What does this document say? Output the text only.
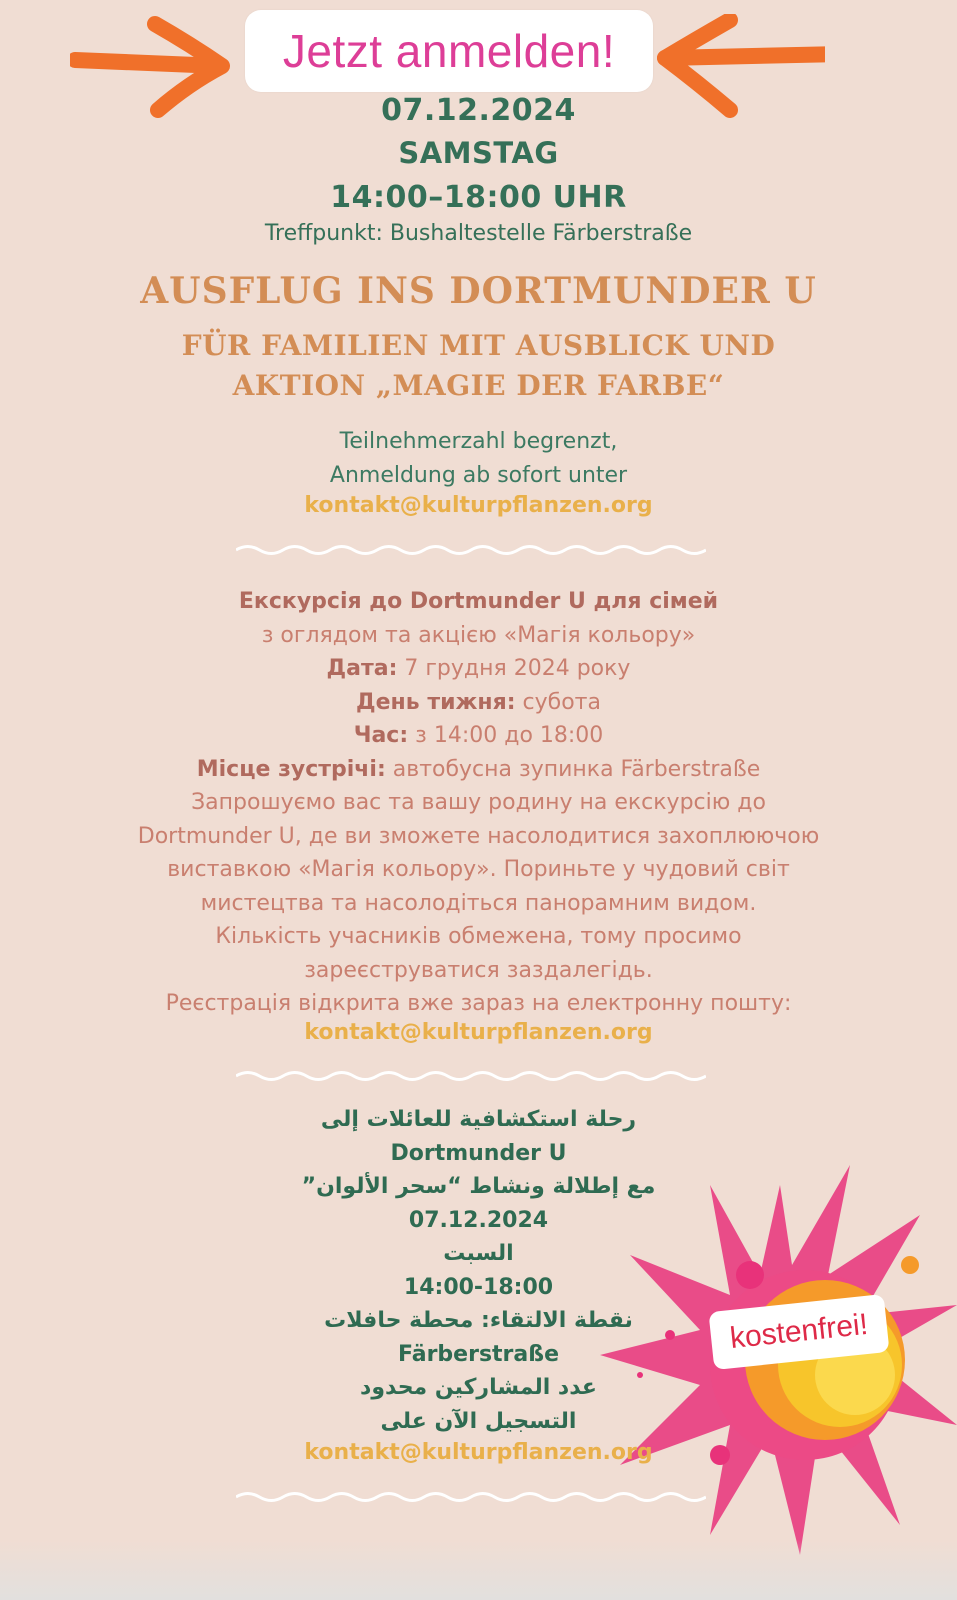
Jetzt anmelden!
07.12.2024
SAMSTAG
14:00–18:00 UHR
Treffpunkt: Bushaltestelle Färberstraße
AUSFLUG INS DORTMUNDER U
FÜR FAMILIEN MIT AUSBLICK UND
AKTION „MAGIE DER FARBE“
Teilnehmerzahl begrenzt,
Anmeldung ab sofort unter
kontakt@kulturpflanzen.org
Екскурсія до Dortmunder U для сімей
з оглядом та акцією «Магія кольору»
Дата: 7 грудня 2024 року
День тижня: субота
Час: з 14:00 до 18:00
Місце зустрічі: автобусна зупинка Färberstraße
Запрошуємо вас та вашу родину на екскурсію до
Dortmunder U, де ви зможете насолодитися захоплюючою
виставкою «Магія кольору». Пориньте у чудовий світ
мистецтва та насолодіться панорамним видом.
Кількість учасників обмежена, тому просимо
зареєструватися заздалегідь.
Реєстрація відкрита вже зараз на електронну пошту:
kontakt@kulturpflanzen.org
kostenfrei!
رحلة استكشافية للعائلات إلى
Dortmunder U
مع إطلالة ونشاط “سحر الألوان”
07.12.2024
السبت
14:00-18:00
نقطة الالتقاء: محطة حافلات
Färberstraße
عدد المشاركين محدود
التسجيل الآن على
kontakt@kulturpflanzen.org
